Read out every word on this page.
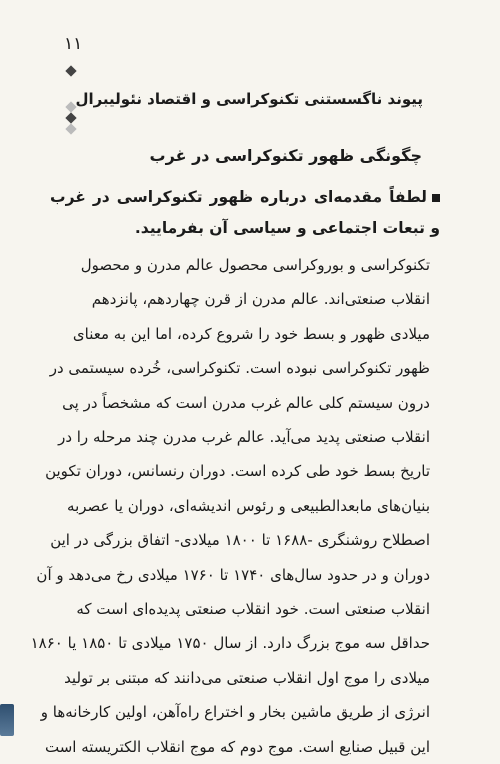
۱۱
پیوند ناگسستنی تکنوکراسی و اقتصاد نئولیبرال
چگونگی ظهور تکنوکراسی در غرب
لطفاً مقدمه‌ای درباره ظهور تکنوکراسی در غرب و تبعات اجتماعی و سیاسی آن بفرمایید.
تکنوکراسی و بوروکراسی محصول عالم مدرن و محصول
انقلاب صنعتی‌اند. عالم مدرن از قرن چهاردهم، پانزدهم
میلادی ظهور و بسط خود را شروع کرده، اما این به معنای
ظهور تکنوکراسی نبوده است. تکنوکراسی، خُرده سیستمی در
درون سیستم کلی عالم غرب مدرن است که مشخصاً در پی
انقلاب صنعتی پدید می‌آید. عالم غرب مدرن چند مرحله را در
تاریخ بسط خود طی کرده است. دوران رنسانس، دوران تکوین
بنیان‌های مابعدالطبیعی و رئوس اندیشه‌ای، دوران یا عصربه
اصطلاح روشنگری -۱۶۸۸ تا ۱۸۰۰ میلادی- اتفاق بزرگی در این
دوران و در حدود سال‌های ۱۷۴۰ تا ۱۷۶۰ میلادی رخ می‌دهد و آن
انقلاب صنعتی است. خود انقلاب صنعتی پدیده‌ای است که
حداقل سه موج بزرگ دارد. از سال ۱۷۵۰ میلادی تا ۱۸۵۰ یا ۱۸۶۰
میلادی را موج اول انقلاب صنعتی می‌دانند که مبتنی بر تولید
انرژی از طریق ماشین بخار و اختراع راه‌آهن، اولین کارخانه‌ها و
این قبیل صنایع است. موج دوم که موج انقلاب الکتریسته است
